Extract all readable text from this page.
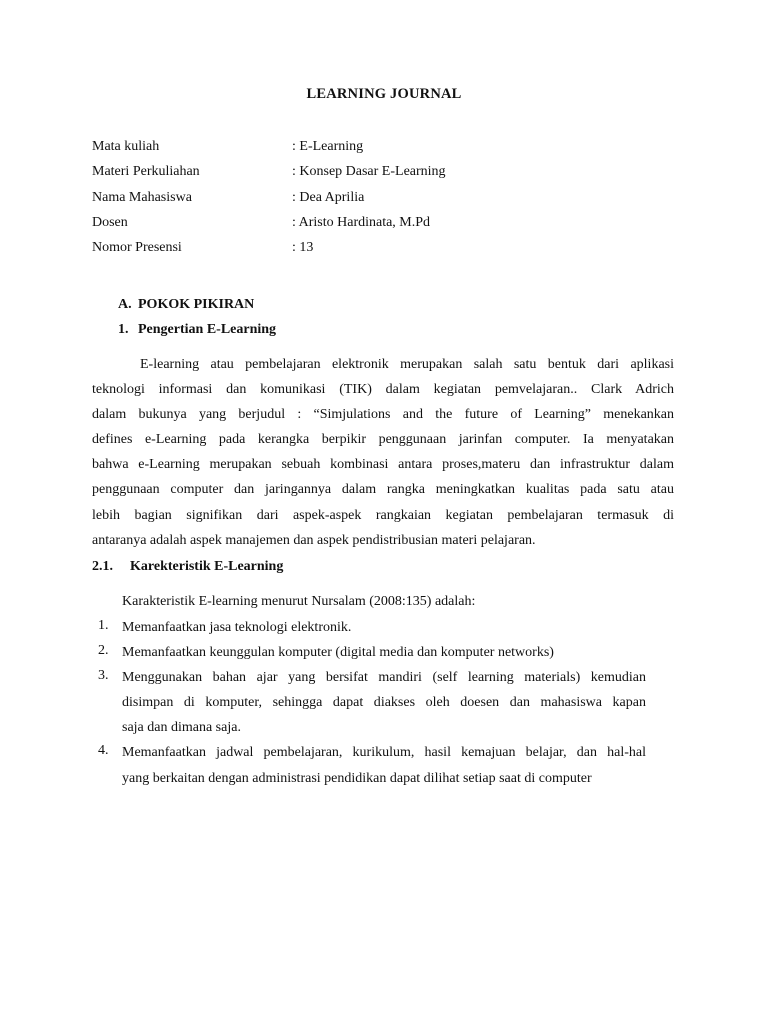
LEARNING JOURNAL
Mata kuliah	: E-Learning
Materi Perkuliahan	: Konsep Dasar E-Learning
Nama Mahasiswa	: Dea Aprilia
Dosen	: Aristo Hardinata, M.Pd
Nomor Presensi	: 13
A. POKOK PIKIRAN
1. Pengertian E-Learning
E-learning atau pembelajaran elektronik merupakan salah satu bentuk dari aplikasi
teknologi informasi dan komunikasi (TIK) dalam kegiatan pemvelajaran.. Clark Adrich
dalam bukunya yang berjudul : “Simjulations and the future of Learning” menekankan
defines e-Learning pada kerangka berpikir penggunaan jarinfan computer. Ia menyatakan
bahwa e-Learning merupakan sebuah kombinasi antara proses,materu dan infrastruktur dalam
penggunaan computer dan jaringannya dalam rangka meningkatkan kualitas pada satu atau
lebih bagian signifikan dari aspek-aspek rangkaian kegiatan pembelajaran termasuk di
antaranya adalah aspek manajemen dan aspek pendistribusian materi pelajaran.
2.1. Karekteristik E-Learning
Karakteristik E-learning menurut Nursalam (2008:135) adalah:
1. Memanfaatkan jasa teknologi elektronik.
2. Memanfaatkan keunggulan komputer (digital media dan komputer networks)
3. Menggunakan bahan ajar yang bersifat mandiri (self learning materials) kemudian
disimpan di komputer, sehingga dapat diakses oleh doesen dan mahasiswa kapan
saja dan dimana saja.
4. Memanfaatkan jadwal pembelajaran, kurikulum, hasil kemajuan belajar, dan hal-hal
yang berkaitan dengan administrasi pendidikan dapat dilihat setiap saat di computer
